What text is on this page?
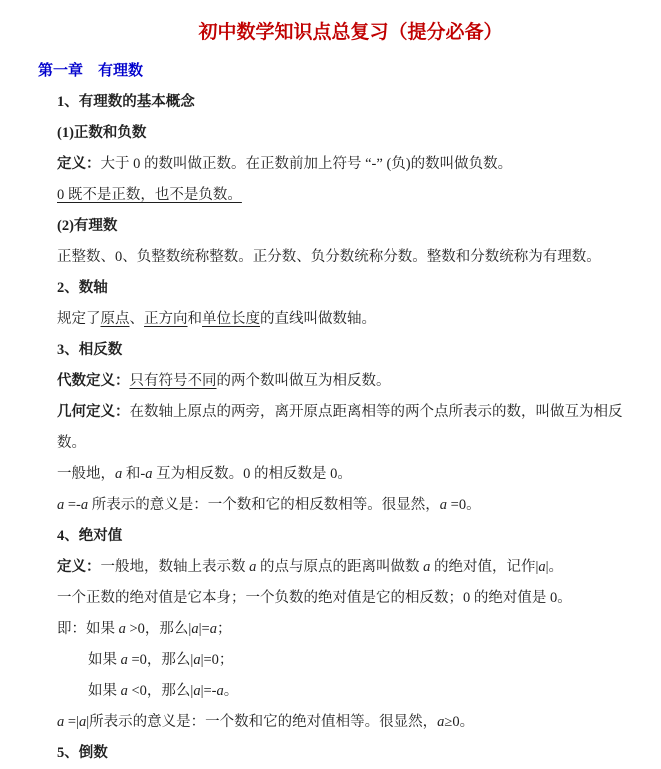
初中数学知识点总复习（提分必备）
第一章　有理数

1、有理数的基本概念

(1)正数和负数

定义：大于 0 的数叫做正数。在正数前加上符号 “-” (负)的数叫做负数。

0 既不是正数，也不是负数。

(2)有理数

正整数、0、负整数统称整数。正分数、负分数统称分数。整数和分数统称为有理数。

2、数轴

规定了原点、正方向和单位长度的直线叫做数轴。

3、相反数

代数定义：只有符号不同的两个数叫做互为相反数。

几何定义：在数轴上原点的两旁，离开原点距离相等的两个点所表示的数，叫做互为相反数。

一般地，a 和-a 互为相反数。0 的相反数是 0。

a =-a 所表示的意义是：一个数和它的相反数相等。很显然，a =0。

4、绝对值

定义：一般地，数轴上表示数 a 的点与原点的距离叫做数 a 的绝对值，记作|a|。

一个正数的绝对值是它本身；一个负数的绝对值是它的相反数；0 的绝对值是 0。

即：如果 a >0，那么|a|=a；

如果 a =0，那么|a|=0；

如果 a <0，那么|a|=-a。

a =|a|所表示的意义是：一个数和它的绝对值相等。很显然，a≥0。

5、倒数
